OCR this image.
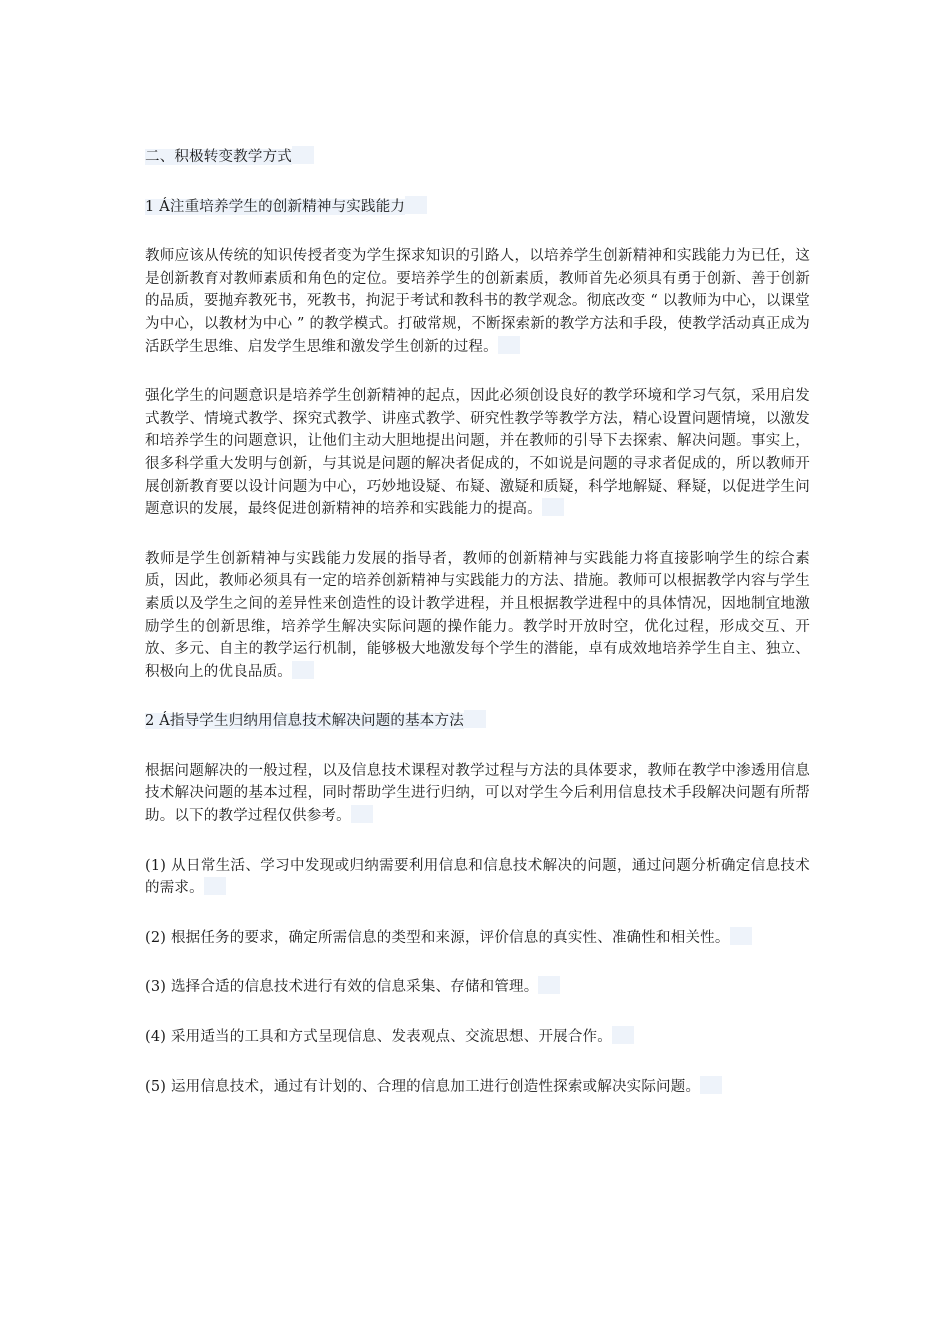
二、积极转变教学方式
1 Á注重培养学生的创新精神与实践能力
教师应该从传统的知识传授者变为学生探求知识的引路人，以培养学生创新精神和实践能力为已任，这是创新教育对教师素质和角色的定位。要培养学生的创新素质，教师首先必须具有勇于创新、善于创新的品质，要抛弃教死书，死教书，拘泥于考试和教科书的教学观念。彻底改变 “ 以教师为中心，以课堂为中心，以教材为中心 ” 的教学模式。打破常规，不断探索新的教学方法和手段，使教学活动真正成为活跃学生思维、启发学生思维和激发学生创新的过程。
强化学生的问题意识是培养学生创新精神的起点，因此必须创设良好的教学环境和学习气氛，采用启发式教学、情境式教学、探究式教学、讲座式教学、研究性教学等教学方法，精心设置问题情境，以激发和培养学生的问题意识，让他们主动大胆地提出问题，并在教师的引导下去探索、解决问题。事实上，很多科学重大发明与创新，与其说是问题的解决者促成的，不如说是问题的寻求者促成的，所以教师开展创新教育要以设计问题为中心，巧妙地设疑、布疑、激疑和质疑，科学地解疑、释疑，以促进学生问题意识的发展，最终促进创新精神的培养和实践能力的提高。
教师是学生创新精神与实践能力发展的指导者，教师的创新精神与实践能力将直接影响学生的综合素质，因此，教师必须具有一定的培养创新精神与实践能力的方法、措施。教师可以根据教学内容与学生素质以及学生之间的差异性来创造性的设计教学进程，并且根据教学进程中的具体情况，因地制宜地激励学生的创新思维，培养学生解决实际问题的操作能力。教学时开放时空，优化过程，形成交互、开放、多元、自主的教学运行机制，能够极大地激发每个学生的潜能，卓有成效地培养学生自主、独立、积极向上的优良品质。
2 Á指导学生归纳用信息技术解决问题的基本方法
根据问题解决的一般过程，以及信息技术课程对教学过程与方法的具体要求，教师在教学中渗透用信息技术解决问题的基本过程，同时帮助学生进行归纳，可以对学生今后利用信息技术手段解决问题有所帮助。以下的教学过程仅供参考。
(1) 从日常生活、学习中发现或归纳需要利用信息和信息技术解决的问题，通过问题分析确定信息技术的需求。
(2) 根据任务的要求，确定所需信息的类型和来源，评价信息的真实性、准确性和相关性。
(3) 选择合适的信息技术进行有效的信息采集、存储和管理。
(4) 采用适当的工具和方式呈现信息、发表观点、交流思想、开展合作。
(5) 运用信息技术，通过有计划的、合理的信息加工进行创造性探索或解决实际问题。
